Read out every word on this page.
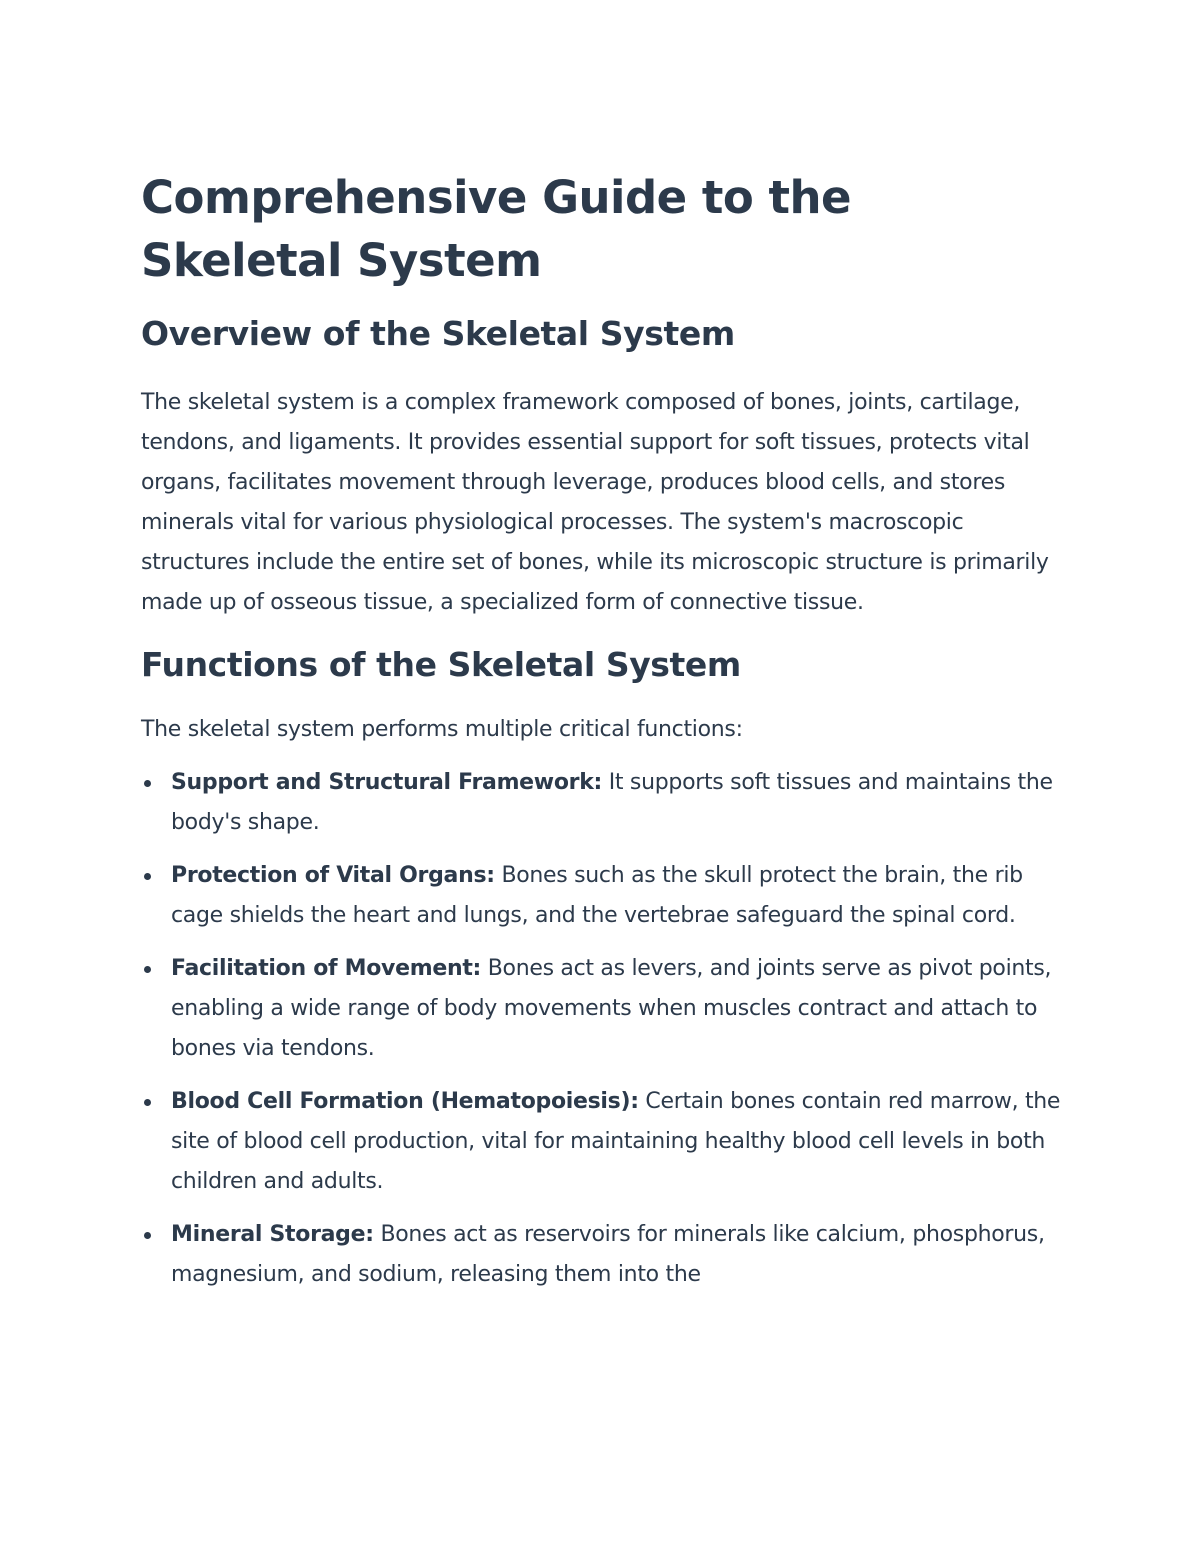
Comprehensive Guide to the Skeletal System
Overview of the Skeletal System

The skeletal system is a complex framework composed of bones, joints, cartilage, tendons, and ligaments. It provides essential support for soft tissues, protects vital organs, facilitates movement through leverage, produces blood cells, and stores minerals vital for various physiological processes. The system's macroscopic structures include the entire set of bones, while its microscopic structure is primarily made up of osseous tissue, a specialized form of connective tissue.

Functions of the Skeletal System

The skeletal system performs multiple critical functions:

Support and Structural Framework: It supports soft tissues and maintains the body's shape.
Protection of Vital Organs: Bones such as the skull protect the brain, the rib cage shields the heart and lungs, and the vertebrae safeguard the spinal cord.
Facilitation of Movement: Bones act as levers, and joints serve as pivot points, enabling a wide range of body movements when muscles contract and attach to bones via tendons.
Blood Cell Formation (Hematopoiesis): Certain bones contain red marrow, the site of blood cell production, vital for maintaining healthy blood cell levels in both children and adults.
Mineral Storage: Bones act as reservoirs for minerals like calcium, phosphorus, magnesium, and sodium, releasing them into the
